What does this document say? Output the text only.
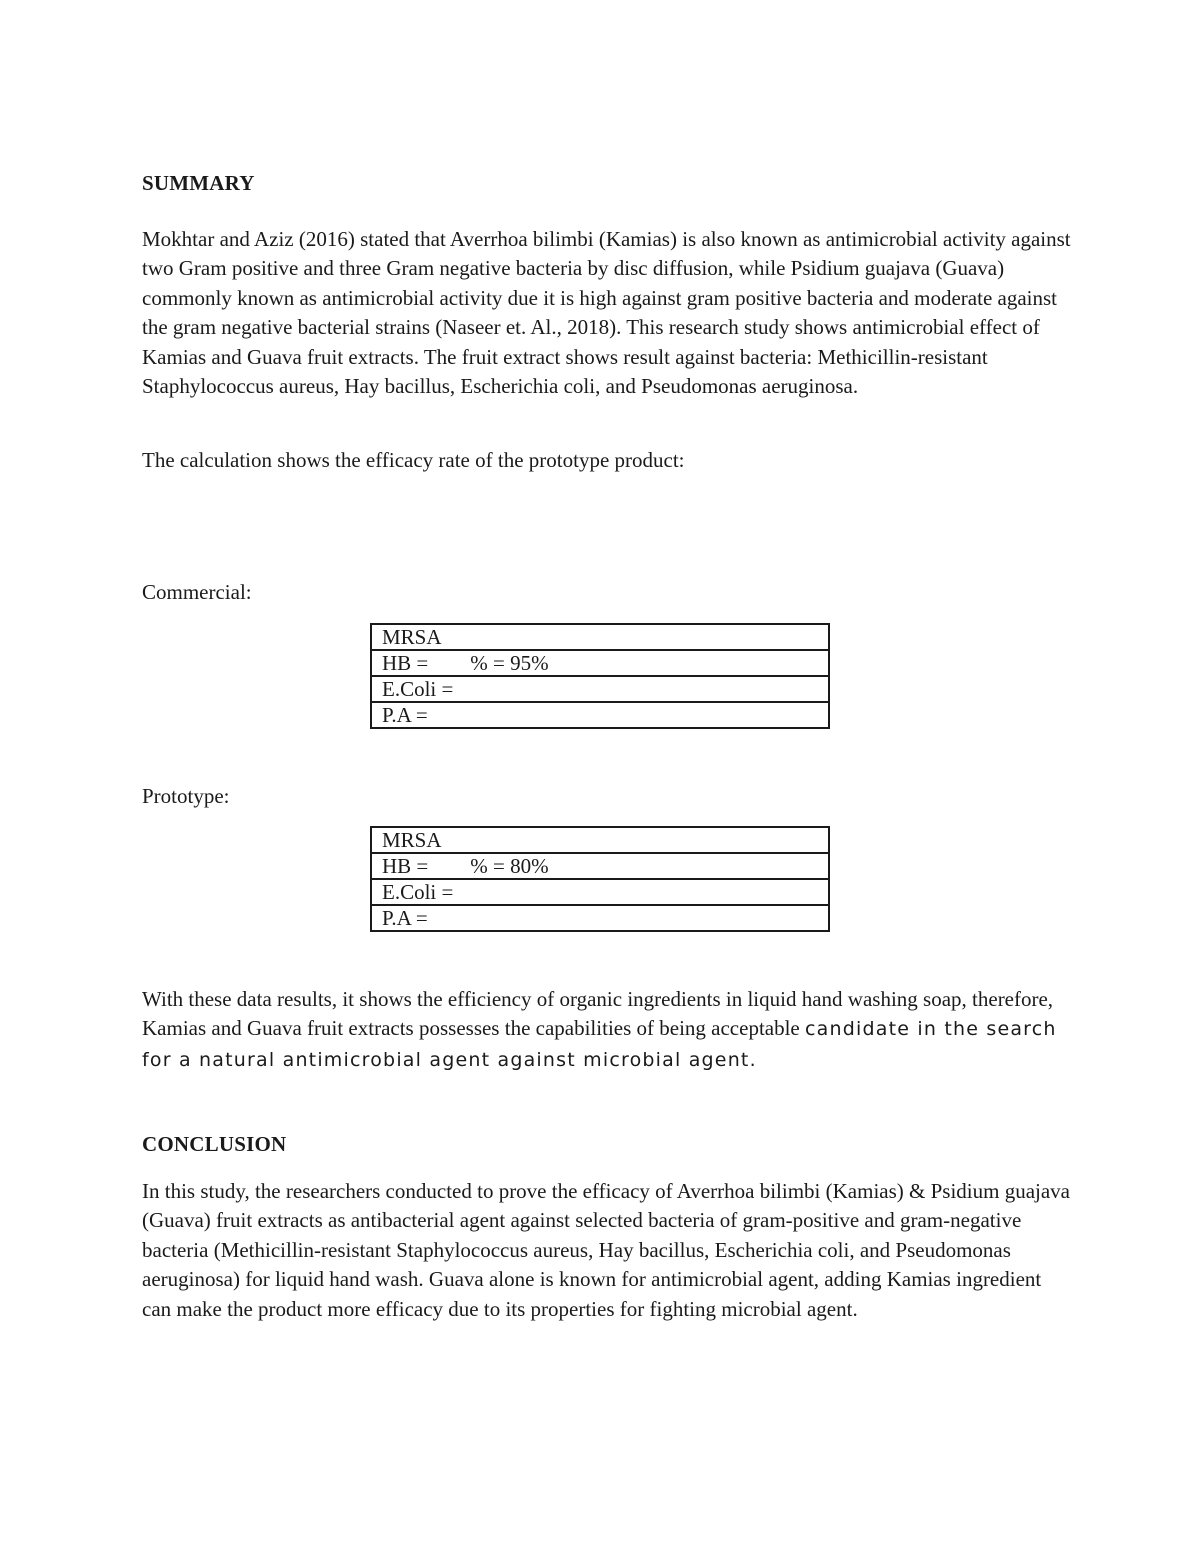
SUMMARY
Mokhtar and Aziz (2016) stated that Averrhoa bilimbi (Kamias) is also known as antimicrobial activity against two Gram positive and three Gram negative bacteria by disc diffusion, while Psidium guajava (Guava) commonly known as antimicrobial activity due it is high against gram positive bacteria and moderate against the gram negative bacterial strains (Naseer et. Al., 2018). This research study shows antimicrobial effect of Kamias and Guava fruit extracts. The fruit extract shows result against bacteria: Methicillin-resistant Staphylococcus aureus, Hay bacillus, Escherichia coli, and Pseudomonas aeruginosa.
The calculation shows the efficacy rate of the prototype product:
Commercial:
MRSA
HB =        % = 95%
E.Coli =
P.A =
Prototype:
MRSA
HB =        % = 80%
E.Coli =
P.A =
With these data results, it shows the efficiency of organic ingredients in liquid hand washing soap, therefore, Kamias and Guava fruit extracts possesses the capabilities of being acceptable candidate in the search for a natural antimicrobial agent against microbial agent.
CONCLUSION
In this study, the researchers conducted to prove the efficacy of Averrhoa bilimbi (Kamias) & Psidium guajava (Guava) fruit extracts as antibacterial agent against selected bacteria of gram-positive and gram-negative bacteria (Methicillin-resistant Staphylococcus aureus, Hay bacillus, Escherichia coli, and Pseudomonas aeruginosa) for liquid hand wash. Guava alone is known for antimicrobial agent, adding Kamias ingredient can make the product more efficacy due to its properties for fighting microbial agent.
